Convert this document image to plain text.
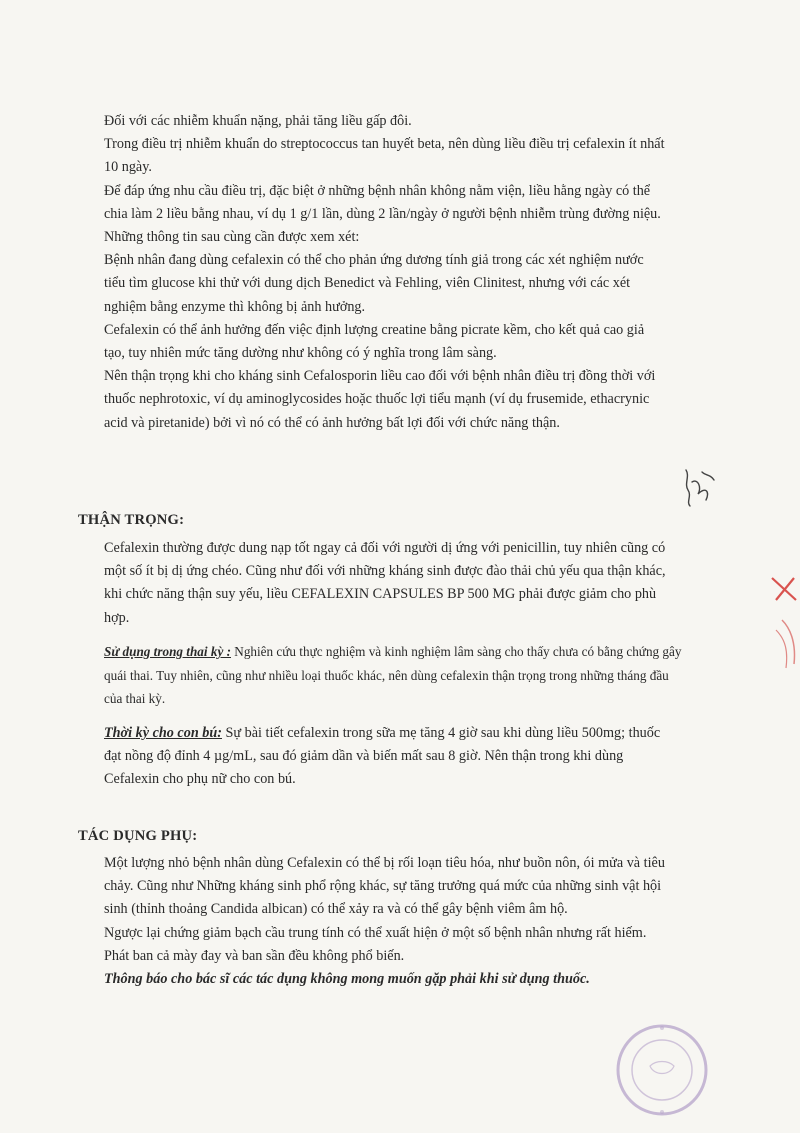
Đối với các nhiễm khuẩn nặng, phải tăng liều gấp đôi.
Trong điều trị nhiễm khuẩn do streptococcus tan huyết beta, nên dùng liều điều trị cefalexin ít nhất
10 ngày.
Để đáp ứng nhu cầu điều trị, đặc biệt ở những bệnh nhân không nằm viện, liều hằng ngày có thể
chia làm 2 liều bằng nhau, ví dụ 1 g/1 lần, dùng 2 lần/ngày ở người bệnh nhiễm trùng đường niệu.
Những thông tin sau cùng cần được xem xét:
Bệnh nhân đang dùng cefalexin có thể cho phản ứng dương tính giả trong các xét nghiệm nước
tiểu tìm glucose khi thử với dung dịch Benedict và Fehling, viên Clinitest, nhưng với các xét
nghiệm bằng enzyme thì không bị ảnh hưởng.
Cefalexin có thể ảnh hưởng đến việc định lượng creatine bằng picrate kềm, cho kết quả cao giả
tạo, tuy nhiên mức tăng dường như không có ý nghĩa trong lâm sàng.
Nên thận trọng khi cho kháng sinh Cefalosporin liều cao đối với bệnh nhân điều trị đồng thời với
thuốc nephrotoxic, ví dụ aminoglycosides hoặc thuốc lợi tiểu mạnh (ví dụ frusemide, ethacrynic
acid và piretanide) bởi vì nó có thể có ảnh hưởng bất lợi đối với chức năng thận.
THẬN TRỌNG:
Cefalexin thường được dung nạp tốt ngay cả đối với người dị ứng với penicillin, tuy nhiên cũng có
một số ít bị dị ứng chéo. Cũng như đối với những kháng sinh được đào thải chủ yếu qua thận khác,
khi chức năng thận suy yếu, liều CEFALEXIN CAPSULES BP 500 MG phải được giảm cho phù
hợp.
Sử dụng trong thai kỳ : Nghiên cứu thực nghiệm và kinh nghiệm lâm sàng cho thấy chưa có bằng chứng gây
quái thai. Tuy nhiên, cũng như nhiều loại thuốc khác, nên dùng cefalexin thận trọng trong những tháng đầu
của thai kỳ.
Thời kỳ cho con bú: Sự bài tiết cefalexin trong sữa mẹ tăng 4 giờ sau khi dùng liều 500mg; thuốc
đạt nồng độ đỉnh 4 µg/mL, sau đó giảm dần và biến mất sau 8 giờ. Nên thận trong khi dùng
Cefalexin cho phụ nữ cho con bú.
TÁC DỤNG PHỤ:
Một lượng nhỏ bệnh nhân dùng Cefalexin có thể bị rối loạn tiêu hóa, như buồn nôn, ói mửa và tiêu
chảy. Cũng như Những kháng sinh phổ rộng khác, sự tăng trưởng quá mức của những sinh vật hội
sinh (thỉnh thoảng Candida albican) có thể xảy ra và có thể gây bệnh viêm âm hộ.
Ngược lại chứng giảm bạch cầu trung tính có thể xuất hiện ở một số bệnh nhân nhưng rất hiếm.
Phát ban cả mày đay và ban sần đều không phổ biến.
Thông báo cho bác sĩ các tác dụng không mong muốn gặp phải khi sử dụng thuốc.
